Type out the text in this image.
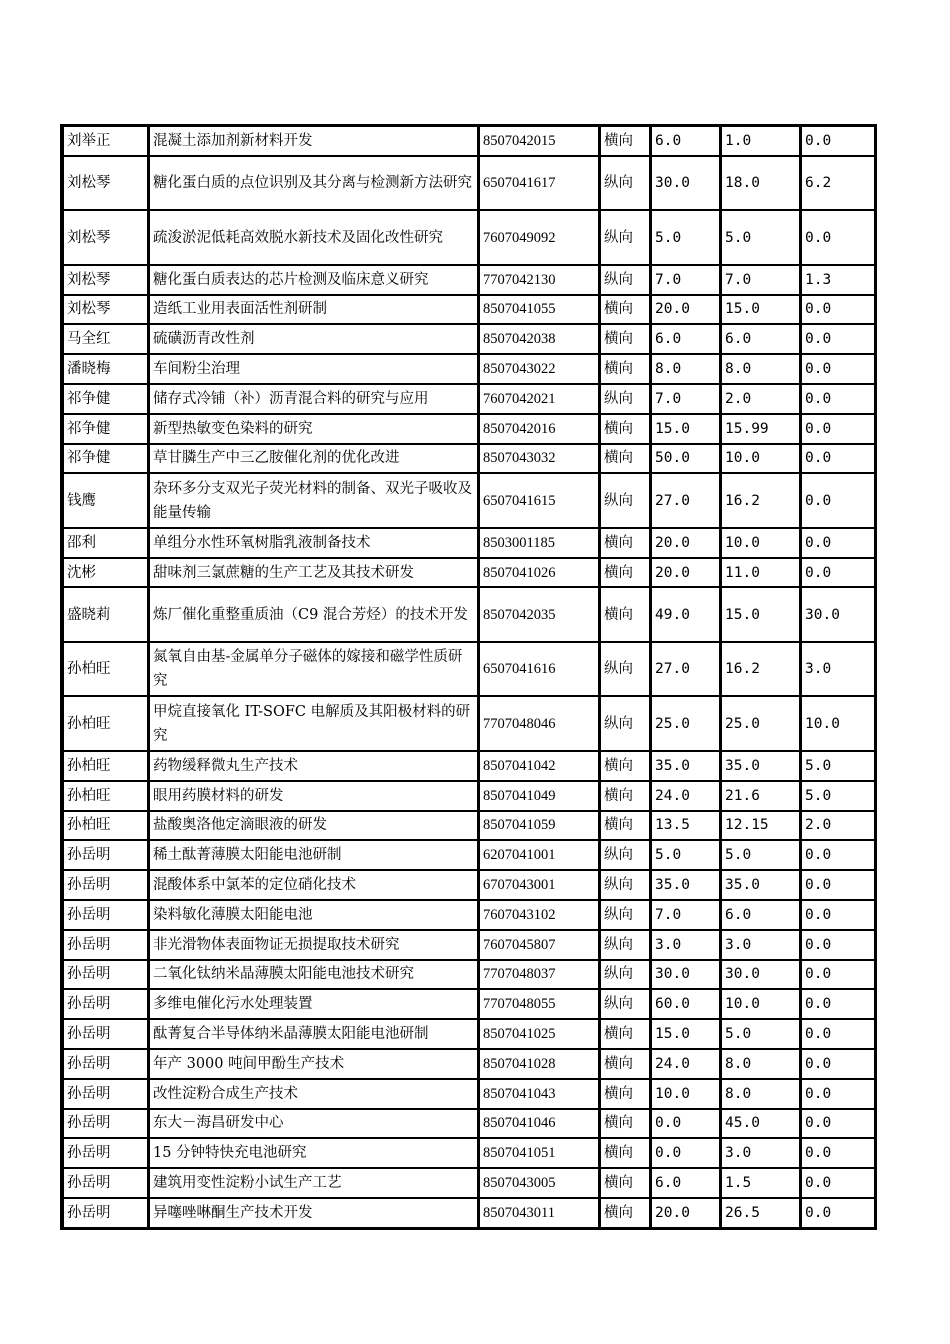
刘举正	混凝土添加剂新材料开发	8507042015	横向	6.0	1.0	0.0
刘松琴	糖化蛋白质的点位识别及其分离与检测新方法研究	6507041617	纵向	30.0	18.0	6.2
刘松琴	疏浚淤泥低耗高效脱水新技术及固化改性研究	7607049092	纵向	5.0	5.0	0.0
刘松琴	糖化蛋白质表达的芯片检测及临床意义研究	7707042130	纵向	7.0	7.0	1.3
刘松琴	造纸工业用表面活性剂研制	8507041055	横向	20.0	15.0	0.0
马全红	硫磺沥青改性剂	8507042038	横向	6.0	6.0	0.0
潘晓梅	车间粉尘治理	8507043022	横向	8.0	8.0	0.0
祁争健	储存式冷铺（补）沥青混合料的研究与应用	7607042021	纵向	7.0	2.0	0.0
祁争健	新型热敏变色染料的研究	8507042016	横向	15.0	15.99	0.0
祁争健	草甘膦生产中三乙胺催化剂的优化改进	8507043032	横向	50.0	10.0	0.0
钱鹰	杂环多分支双光子荧光材料的制备、双光子吸收及能量传输	6507041615	纵向	27.0	16.2	0.0
邵利	单组分水性环氧树脂乳液制备技术	8503001185	横向	20.0	10.0	0.0
沈彬	甜味剂三氯蔗糖的生产工艺及其技术研发	8507041026	横向	20.0	11.0	0.0
盛晓莉	炼厂催化重整重质油（C9 混合芳烃）的技术开发	8507042035	横向	49.0	15.0	30.0
孙柏旺	氮氧自由基-金属单分子磁体的嫁接和磁学性质研究	6507041616	纵向	27.0	16.2	3.0
孙柏旺	甲烷直接氧化 IT-SOFC 电解质及其阳极材料的研究	7707048046	纵向	25.0	25.0	10.0
孙柏旺	药物缓释微丸生产技术	8507041042	横向	35.0	35.0	5.0
孙柏旺	眼用药膜材料的研发	8507041049	横向	24.0	21.6	5.0
孙柏旺	盐酸奥洛他定滴眼液的研发	8507041059	横向	13.5	12.15	2.0
孙岳明	稀土酞菁薄膜太阳能电池研制	6207041001	纵向	5.0	5.0	0.0
孙岳明	混酸体系中氯苯的定位硝化技术	6707043001	纵向	35.0	35.0	0.0
孙岳明	染料敏化薄膜太阳能电池	7607043102	纵向	7.0	6.0	0.0
孙岳明	非光滑物体表面物证无损提取技术研究	7607045807	纵向	3.0	3.0	0.0
孙岳明	二氧化钛纳米晶薄膜太阳能电池技术研究	7707048037	纵向	30.0	30.0	0.0
孙岳明	多维电催化污水处理装置	7707048055	纵向	60.0	10.0	0.0
孙岳明	酞菁复合半导体纳米晶薄膜太阳能电池研制	8507041025	横向	15.0	5.0	0.0
孙岳明	年产 3000 吨间甲酚生产技术	8507041028	横向	24.0	8.0	0.0
孙岳明	改性淀粉合成生产技术	8507041043	横向	10.0	8.0	0.0
孙岳明	东大－海昌研发中心	8507041046	横向	0.0	45.0	0.0
孙岳明	15 分钟特快充电池研究	8507041051	横向	0.0	3.0	0.0
孙岳明	建筑用变性淀粉小试生产工艺	8507043005	横向	6.0	1.5	0.0
孙岳明	异噻唑啉酮生产技术开发	8507043011	横向	20.0	26.5	0.0
